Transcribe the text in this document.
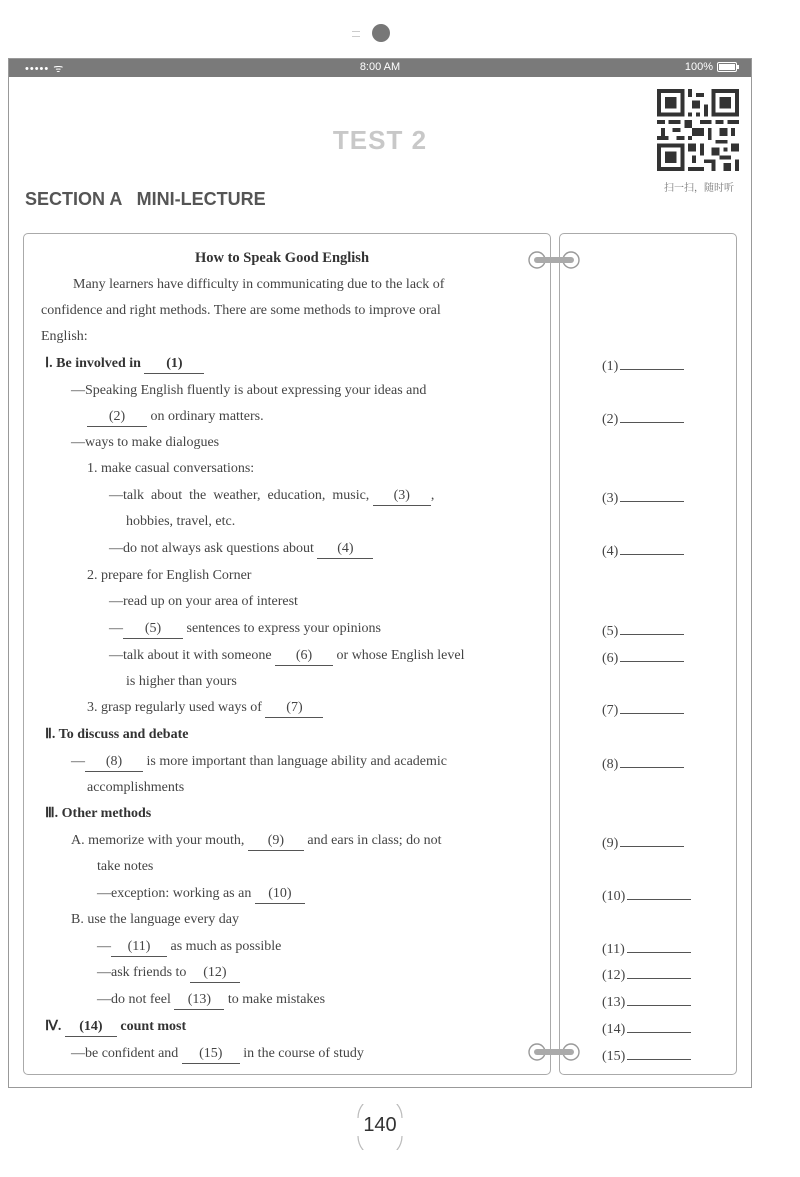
••••• ᯤ	8:00 AM	100%
TEST 2
SECTION A   MINI-LECTURE
扫一扫，随时听
How to Speak Good English
Many learners have difficulty in communicating due to the lack of
confidence and right methods. There are some methods to improve oral
English:
Ⅰ. Be involved in (1)
—Speaking English fluently is about expressing your ideas and
(2) on ordinary matters.
—ways to make dialogues
1. make casual conversations:
—talk  about  the  weather,  education,  music, (3) ,
hobbies, travel, etc.
—do not always ask questions about (4)
2. prepare for English Corner
—read up on your area of interest
— (5) sentences to express your opinions
—talk about it with someone (6) or whose English level
is higher than yours
3. grasp regularly used ways of (7)
Ⅱ. To discuss and debate
— (8) is more important than language ability and academic
accomplishments
Ⅲ. Other methods
A. memorize with your mouth, (9) and ears in class; do not
take notes
—exception: working as an (10)
B. use the language every day
— (11) as much as possible
—ask friends to (12)
—do not feel (13) to make mistakes
Ⅳ. (14) count most
—be confident and (15) in the course of study
(1)
(2)
(3)
(4)
(5)
(6)
(7)
(8)
(9)
(10)
(11)
(12)
(13)
(14)
(15)
140
